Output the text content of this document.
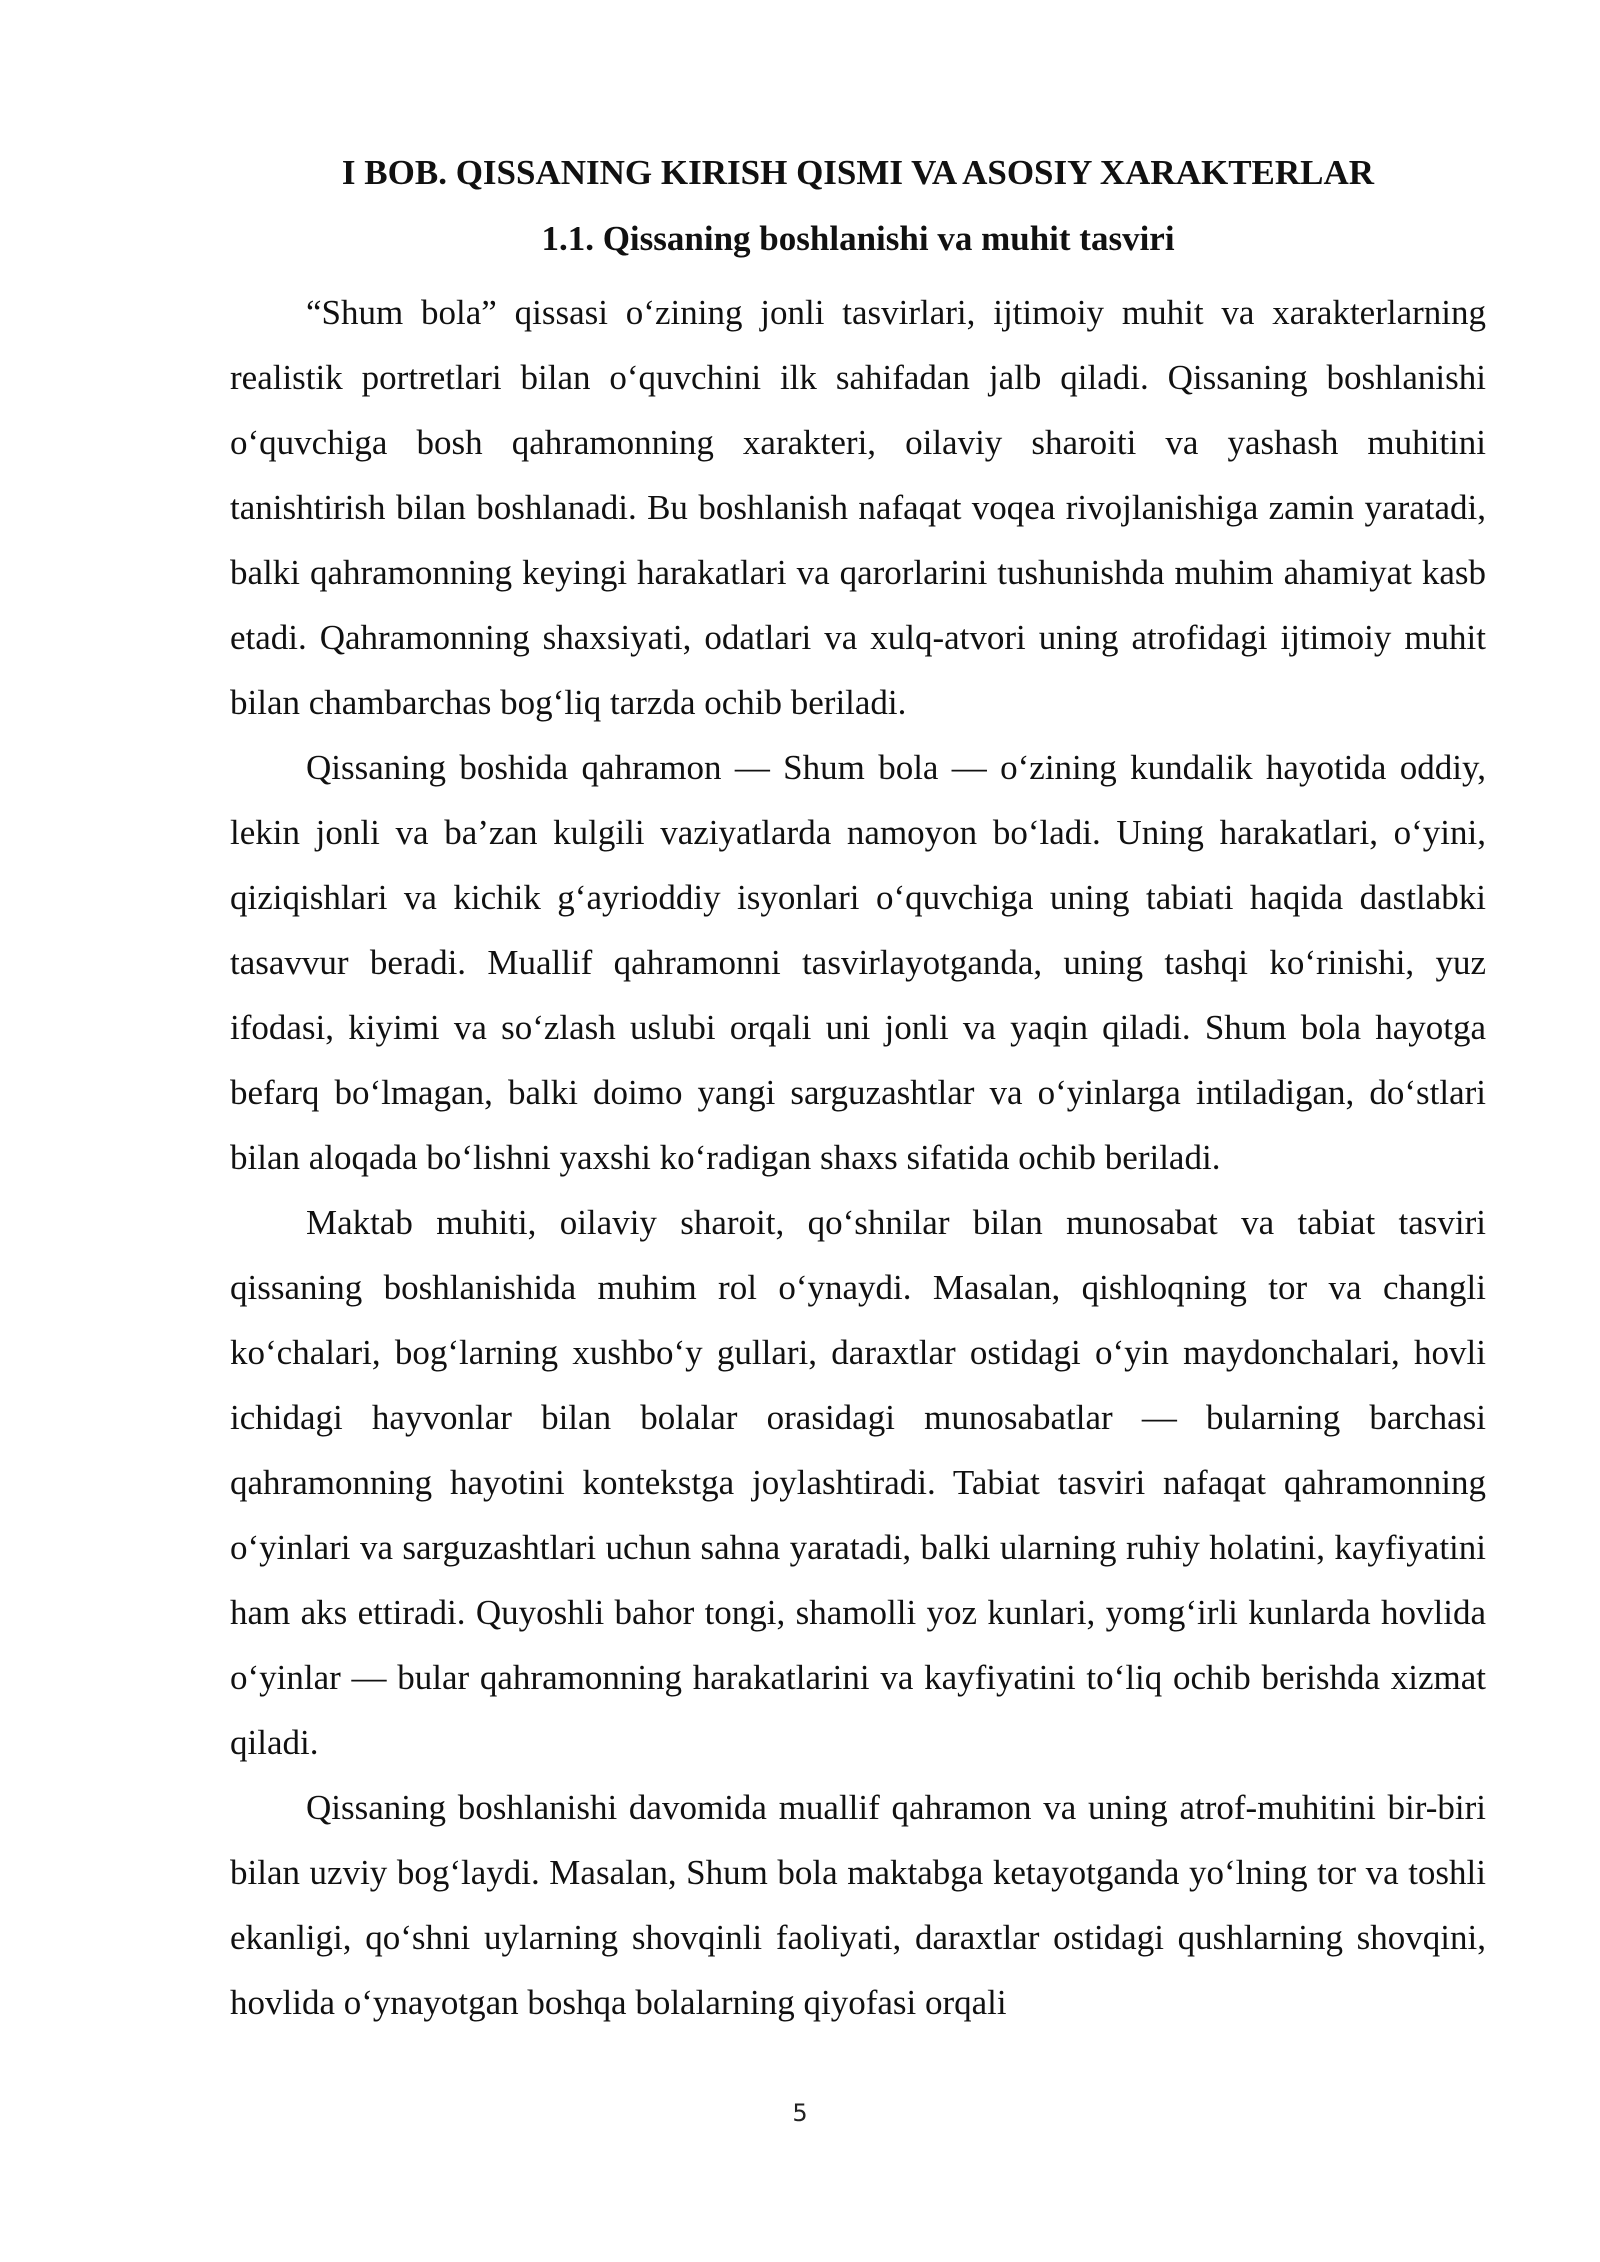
I BOB. QISSANING KIRISH QISMI VA ASOSIY XARAKTERLAR
1.1. Qissaning boshlanishi va muhit tasviri

“Shum bola” qissasi o‘zining jonli tasvirlari, ijtimoiy muhit va xarakterlarning realistik portretlari bilan o‘quvchini ilk sahifadan jalb qiladi. Qissaning boshlanishi o‘quvchiga bosh qahramonning xarakteri, oilaviy sharoiti va yashash muhitini tanishtirish bilan boshlanadi. Bu boshlanish nafaqat voqea rivojlanishiga zamin yaratadi, balki qahramonning keyingi harakatlari va qarorlarini tushunishda muhim ahamiyat kasb etadi. Qahramonning shaxsiyati, odatlari va xulq-atvori uning atrofidagi ijtimoiy muhit bilan chambarchas bog‘liq tarzda ochib beriladi.

Qissaning boshida qahramon — Shum bola — o‘zining kundalik hayotida oddiy, lekin jonli va ba’zan kulgili vaziyatlarda namoyon bo‘ladi. Uning harakatlari, o‘yini, qiziqishlari va kichik g‘ayrioddiy isyonlari o‘quvchiga uning tabiati haqida dastlabki tasavvur beradi. Muallif qahramonni tasvirlayotganda, uning tashqi ko‘rinishi, yuz ifodasi, kiyimi va so‘zlash uslubi orqali uni jonli va yaqin qiladi. Shum bola hayotga befarq bo‘lmagan, balki doimo yangi sarguzashtlar va o‘yinlarga intiladigan, do‘stlari bilan aloqada bo‘lishni yaxshi ko‘radigan shaxs sifatida ochib beriladi.

Maktab muhiti, oilaviy sharoit, qo‘shnilar bilan munosabat va tabiat tasviri qissaning boshlanishida muhim rol o‘ynaydi. Masalan, qishloqning tor va changli ko‘chalari, bog‘larning xushbo‘y gullari, daraxtlar ostidagi o‘yin maydonchalari, hovli ichidagi hayvonlar bilan bolalar orasidagi munosabatlar — bularning barchasi qahramonning hayotini kontekstga joylashtiradi. Tabiat tasviri nafaqat qahramonning o‘yinlari va sarguzashtlari uchun sahna yaratadi, balki ularning ruhiy holatini, kayfiyatini ham aks ettiradi. Quyoshli bahor tongi, shamolli yoz kunlari, yomg‘irli kunlarda hovlida o‘yinlar — bular qahramonning harakatlarini va kayfiyatini to‘liq ochib berishda xizmat qiladi.

Qissaning boshlanishi davomida muallif qahramon va uning atrof-muhitini bir-biri bilan uzviy bog‘laydi. Masalan, Shum bola maktabga ketayotganda yo‘lning tor va toshli ekanligi, qo‘shni uylarning shovqinli faoliyati, daraxtlar ostidagi qushlarning shovqini, hovlida o‘ynayotgan boshqa bolalarning qiyofasi orqali

5
